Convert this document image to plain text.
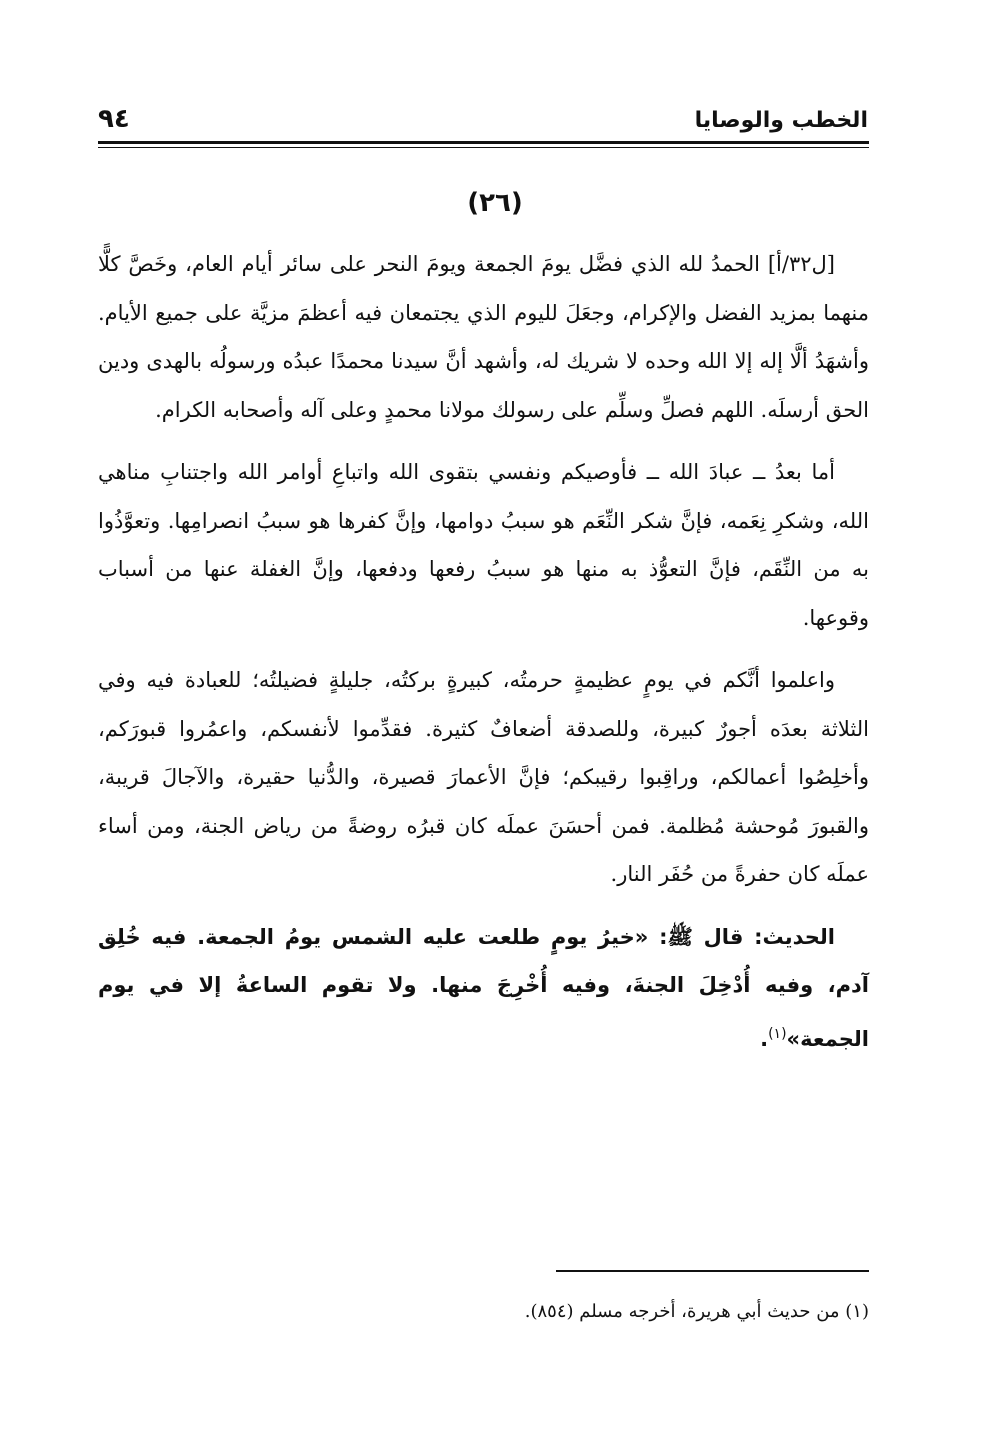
الخطب والوصايا
٩٤
(٢٦)

[ل٣٢/أ] الحمدُ لله الذي فضَّل يومَ الجمعة ويومَ النحر على سائر أيام العام، وخَصَّ كلًّا منهما بمزيد الفضل والإكرام، وجعَلَ لليوم الذي يجتمعان فيه أعظمَ مزيَّة على جميع الأيام. وأشهَدُ ألَّا إله إلا الله وحده لا شريك له، وأشهد أنَّ سيدنا محمدًا عبدُه ورسولُه بالهدى ودين الحق أرسلَه. اللهم فصلِّ وسلِّم على رسولك مولانا محمدٍ وعلى آله وأصحابه الكرام.

أما بعدُ ــ عبادَ الله ــ فأوصيكم ونفسي بتقوى الله واتباعِ أوامر الله واجتنابِ مناهي الله، وشكرِ نِعَمه، فإنَّ شكر النِّعَم هو سببُ دوامها، وإنَّ كفرها هو سببُ انصرامِها. وتعوَّذُوا به من النِّقَم، فإنَّ التعوُّذ به منها هو سببُ رفعها ودفعها، وإنَّ الغفلة عنها من أسباب وقوعها.

واعلموا أنَّكم في يومٍ عظيمةٍ حرمتُه، كبيرةٍ بركتُه، جليلةٍ فضيلتُه؛ للعبادة فيه وفي الثلاثة بعدَه أجورٌ كبيرة، وللصدقة أضعافٌ كثيرة. فقدِّموا لأنفسكم، واعمُروا قبورَكم، وأخلِصُوا أعمالكم، وراقِبوا رقيبكم؛ فإنَّ الأعمارَ قصيرة، والدُّنيا حقيرة، والآجالَ قريبة، والقبورَ مُوحشة مُظلمة. فمن أحسَنَ عملَه كان قبرُه روضةً من رياض الجنة، ومن أساء عملَه كان حفرةً من حُفَر النار.

الحديث: قال ﷺ: «خيرُ يومٍ طلعت عليه الشمس يومُ الجمعة. فيه خُلِق آدم، وفيه أُدْخِلَ الجنةَ، وفيه أُخْرِجَ منها. ولا تقوم الساعةُ إلا في يوم الجمعة»$^{(١)}$.

(١) من حديث أبي هريرة، أخرجه مسلم (٨٥٤).
